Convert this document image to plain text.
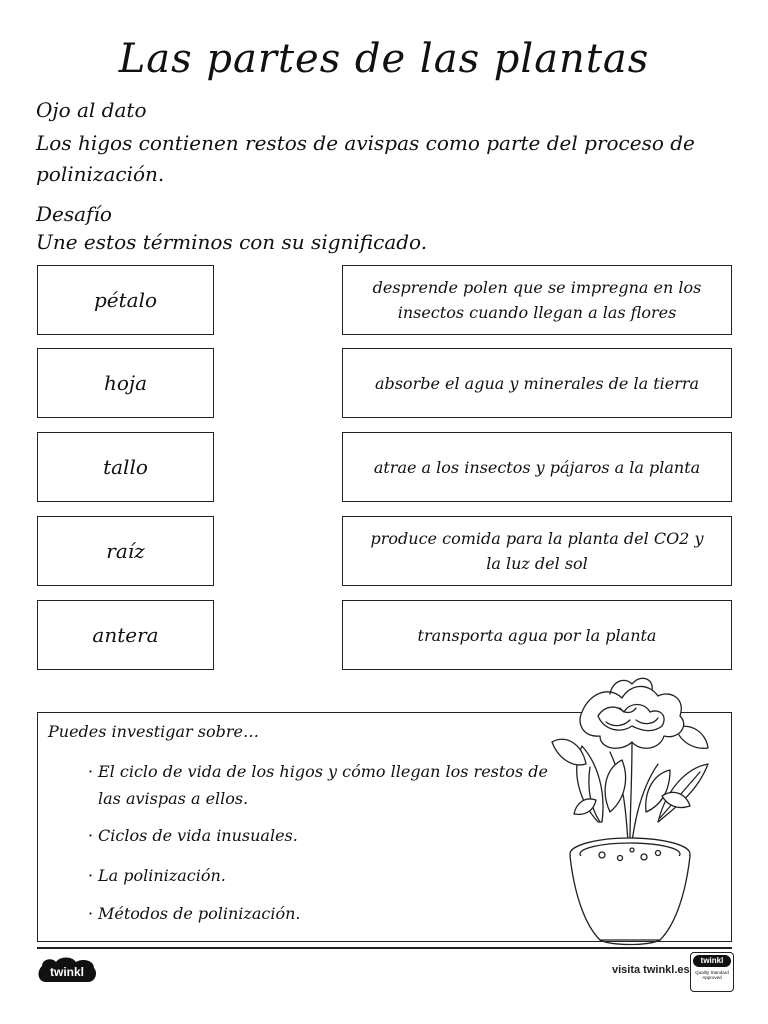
Las partes de las plantas
Ojo al dato
Los higos contienen restos de avispas como parte del proceso de polinización.
Desafío
Une estos términos con su significado.
pétalo
hoja
tallo
raíz
antera
desprende polen que se impregna en los insectos cuando llegan a las flores
absorbe el agua y minerales de la tierra
atrae a los insectos y pájaros a la planta
produce comida para la planta del CO2 y la luz del sol
transporta agua por la planta
Puedes investigar sobre…
· El ciclo de vida de los higos y cómo llegan los restos de las avispas a ellos.
· Ciclos de vida inusuales.
· La polinización.
· Métodos de polinización.
twinkl	visita twinkl.es
twinkl
Quality Standard Approved
